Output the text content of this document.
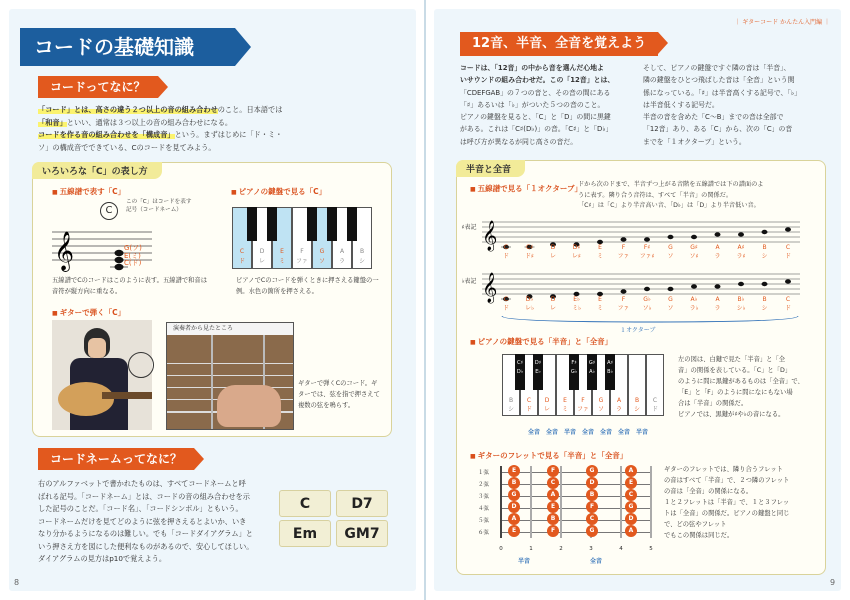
コードの基礎知識
コードってなに？
「コード」とは、高さの違う２つ以上の音の組み合わせのこと。日本語では
「和音」といい、通常は３つ以上の音の組み合わせになる。
コードを作る音の組み合わせを「構成音」という。まずはじめに「ド・ミ・
ソ」の構成音でできている、Cのコードを見てみよう。
いろいろな「C」の表し方
■ 五線譜で表す「C」
C
この「C」はコードを表す記号（コードネーム）
𝄞	G(ソ)
E(ミ)
C(ド)
五線譜でCのコードはこのように表す。五線譜で和音は音符が縦方向に重なる。
■ ピアノの鍵盤で見る「C」
C
ド
D
レ
E
ミ
F
ファ
G
ソ
A
ラ
B
シ
ピアノでCのコードを弾くときに押さえる鍵盤の一例。水色の箇所を押さえる。
■ ギターで弾く「C」
演奏者から見たところ
ギターで弾くCのコード。ギターでは、弦を指で押さえて複数の弦を鳴らす。
コードネームってなに？
右のアルファベットで書かれたものは、すべてコードネームと呼
ばれる記号。「コードネーム」とは、コードの音の組み合わせを示
した記号のことだ。「コード名」、「コードシンボル」ともいう。
コードネームだけを見てどのように弦を押さえるとよいか、いき
なり分かるようになるのは難しい。でも「コードダイアグラム」と
いう押さえ方を図にした便利なものがあるので、安心してほしい。
ダイアグラムの見方はp10で覚えよう。
C	D7
Em	GM7
8
｜ ギターコード かんたん入門編 ｜
12音、半音、全音を覚えよう
コードは、「12音」の中から音を選んだ心地よ
いサウンドの組み合わせだ。この「12音」とは、
「CDEFGAB」の７つの音と、その音の間にある
「♯」あるいは「♭」がついた５つの音のこと。
ピアノの鍵盤を見ると、「C」と「D」の間に黒鍵
がある。これは「C♯(D♭)」の音。「C♯」と「D♭」
は呼び方が異なるが同じ高さの音だ。
そして、ピアノの鍵盤ですぐ隣の音は「半音」、
隣の鍵盤をひとつ飛ばした音は「全音」という関
係になっている。「♯」は半音高くする記号で、「♭」
は半音低くする記号だ。
半音の音を含めた「C～B」までの音は全部で
「12音」あり、ある「C」から、次の「C」の音
までを「１オクターブ」という。
半音と全音
■ 五線譜で見る「１オクターブ」
ドから次のドまで、半音ずつ上がる音階を五線譜では下の譜面のよ
うに表す。隣り合う音符は、すべて「半音」の関係だ。
「C♯」は「C」より半音高い音、「D♭」は「D」より半音低い音。
♯表記 𝄞	C
ド
C♯
ド♯
D
レ
D♯
レ♯
E
ミ
F
ファ
F♯
ファ♯
G
ソ
G♯
ソ♯
A
ラ
A♯
ラ♯
B
シ
C
ド
♭表記 𝄞	C
ド
D♭
レ♭
D
レ
E♭
ミ♭
E
ミ
F
ファ
G♭
ソ♭
G
ソ
A♭
ラ♭
A
ラ
B♭
シ♭
B
シ
C
ド
１オクターブ
■ ピアノの鍵盤で見る「半音」と「全音」
B
シ
C
ド
D
レ
E
ミ
F
ファ
G
ソ
A
ラ
B
シ
C
ド
C♯
D♭
D♯
E♭
F♯
G♭
G♯
A♭
A♯
B♭
全音 全音 半音 全音 全音 全音 半音
左の図は、白鍵で見た「半音」と「全
音」の関係を表している。「C」と「D」
のように間に黒鍵があるものは「全音」で、
「E」と「F」のように間になにもない場
合は「半音」の関係だ。
ピアノでは、黒鍵が♯や♭の音になる。
■ ギターのフレットで見る「半音」と「全音」
１弦
２弦
３弦
４弦
５弦
６弦
E	F	G	A
B	C	D	E
G	A	B	C
D	E	F	G
A	B	C	D
E	F	G	A
0	1	2	3	4	5
半音	全音
ギターのフレットでは、隣り合うフレット
の音はすべて「半音」で、２つ隣のフレット
の音は「全音」の関係になる。
１と２フレットは「半音」で、１と３フレッ
トは「全音」の関係だ。ピアノの鍵盤と同じ
で、どの弦やフレット
でもこの関係は同じだ。
9
